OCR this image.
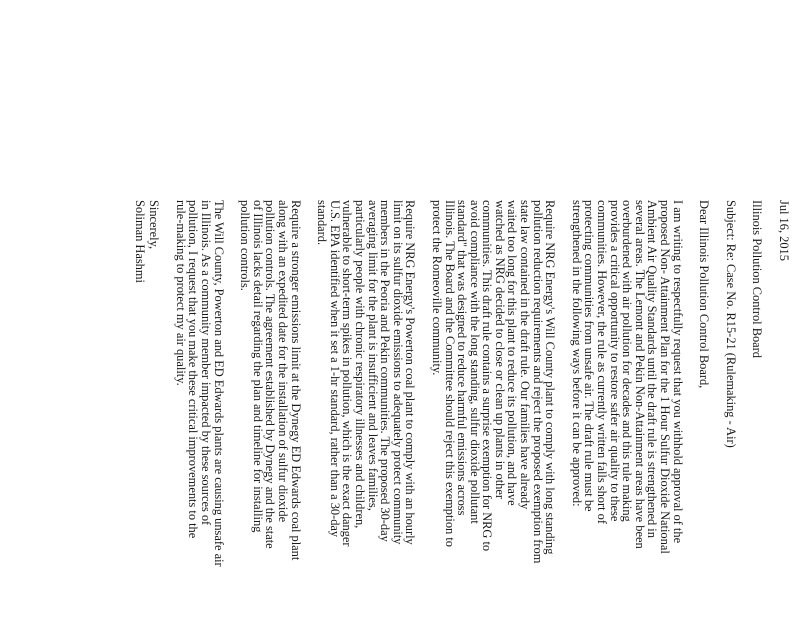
Jul 16, 2015

Illinois Pollution Control Board

Subject: Re: Case No. R15-21 (Rulemaking - Air)

Dear Illinois Pollution Control Board,

I am writing to respectfully request that you withhold approval of the
proposed Non- Attainment Plan for the 1 Hour Sulfur Dioxide National
Ambient Air Quality Standards until the draft rule is strengthened in
several areas. The Lemont and Pekin Non-Attainment areas have been
overburdened with air pollution for decades and this rule making
provides a critical opportunity to restore safer air quality to these
communities. However, the rule as currently written falls short of
protecting communities from unsafe air. The draft rule must be
strengthened in the following ways before it can be approved:

Require NRG Energy's Will County plant to comply with long standing
pollution reduction requirements and reject the proposed exemption from
state law contained in the draft rule. Our families have already
waited too long for this plant to reduce its pollution, and have
watched as NRG decided to close or clean up plants in other
communities. This draft rule contains a surprise exemption for NRG to
avoid compliance with the long standing, sulfur dioxide pollutant
standard" that was designed to reduce harmful emissions across
Illinois. The Board and the Committee should reject this exemption to
protect the Romeoville community.

Require NRG Energy's Powerton coal plant to comply with an hourly
limit on its sulfur dioxide emissions to adequately protect community
members in the Peoria and Pekin communities. The proposed 30-day
averaging limit for the plant is insufficient and leaves families,
particularly people with chronic respiratory illnesses and children,
vulnerable to short-term spikes in pollution, which is the exact danger
U.S. EPA identified when it set a 1-hr standard, rather than a 30-day
standard.

Require a stronger emissions limit at the Dynegy ED Edwards coal plant
along with an expedited date for the installation of sulfur dioxide
pollution controls. The agreement established by Dynegy and the state
of Illinois lacks detail regarding the plan and timeline for installing
pollution controls.

The Will County, Powerton and ED Edwards plants are causing unsafe air
in Illinois. As a community member impacted by these sources of
pollution, I request that you make these critical improvements to the
rule-making to protect my air quality.

Sincerely,

Soliman Hashmi
